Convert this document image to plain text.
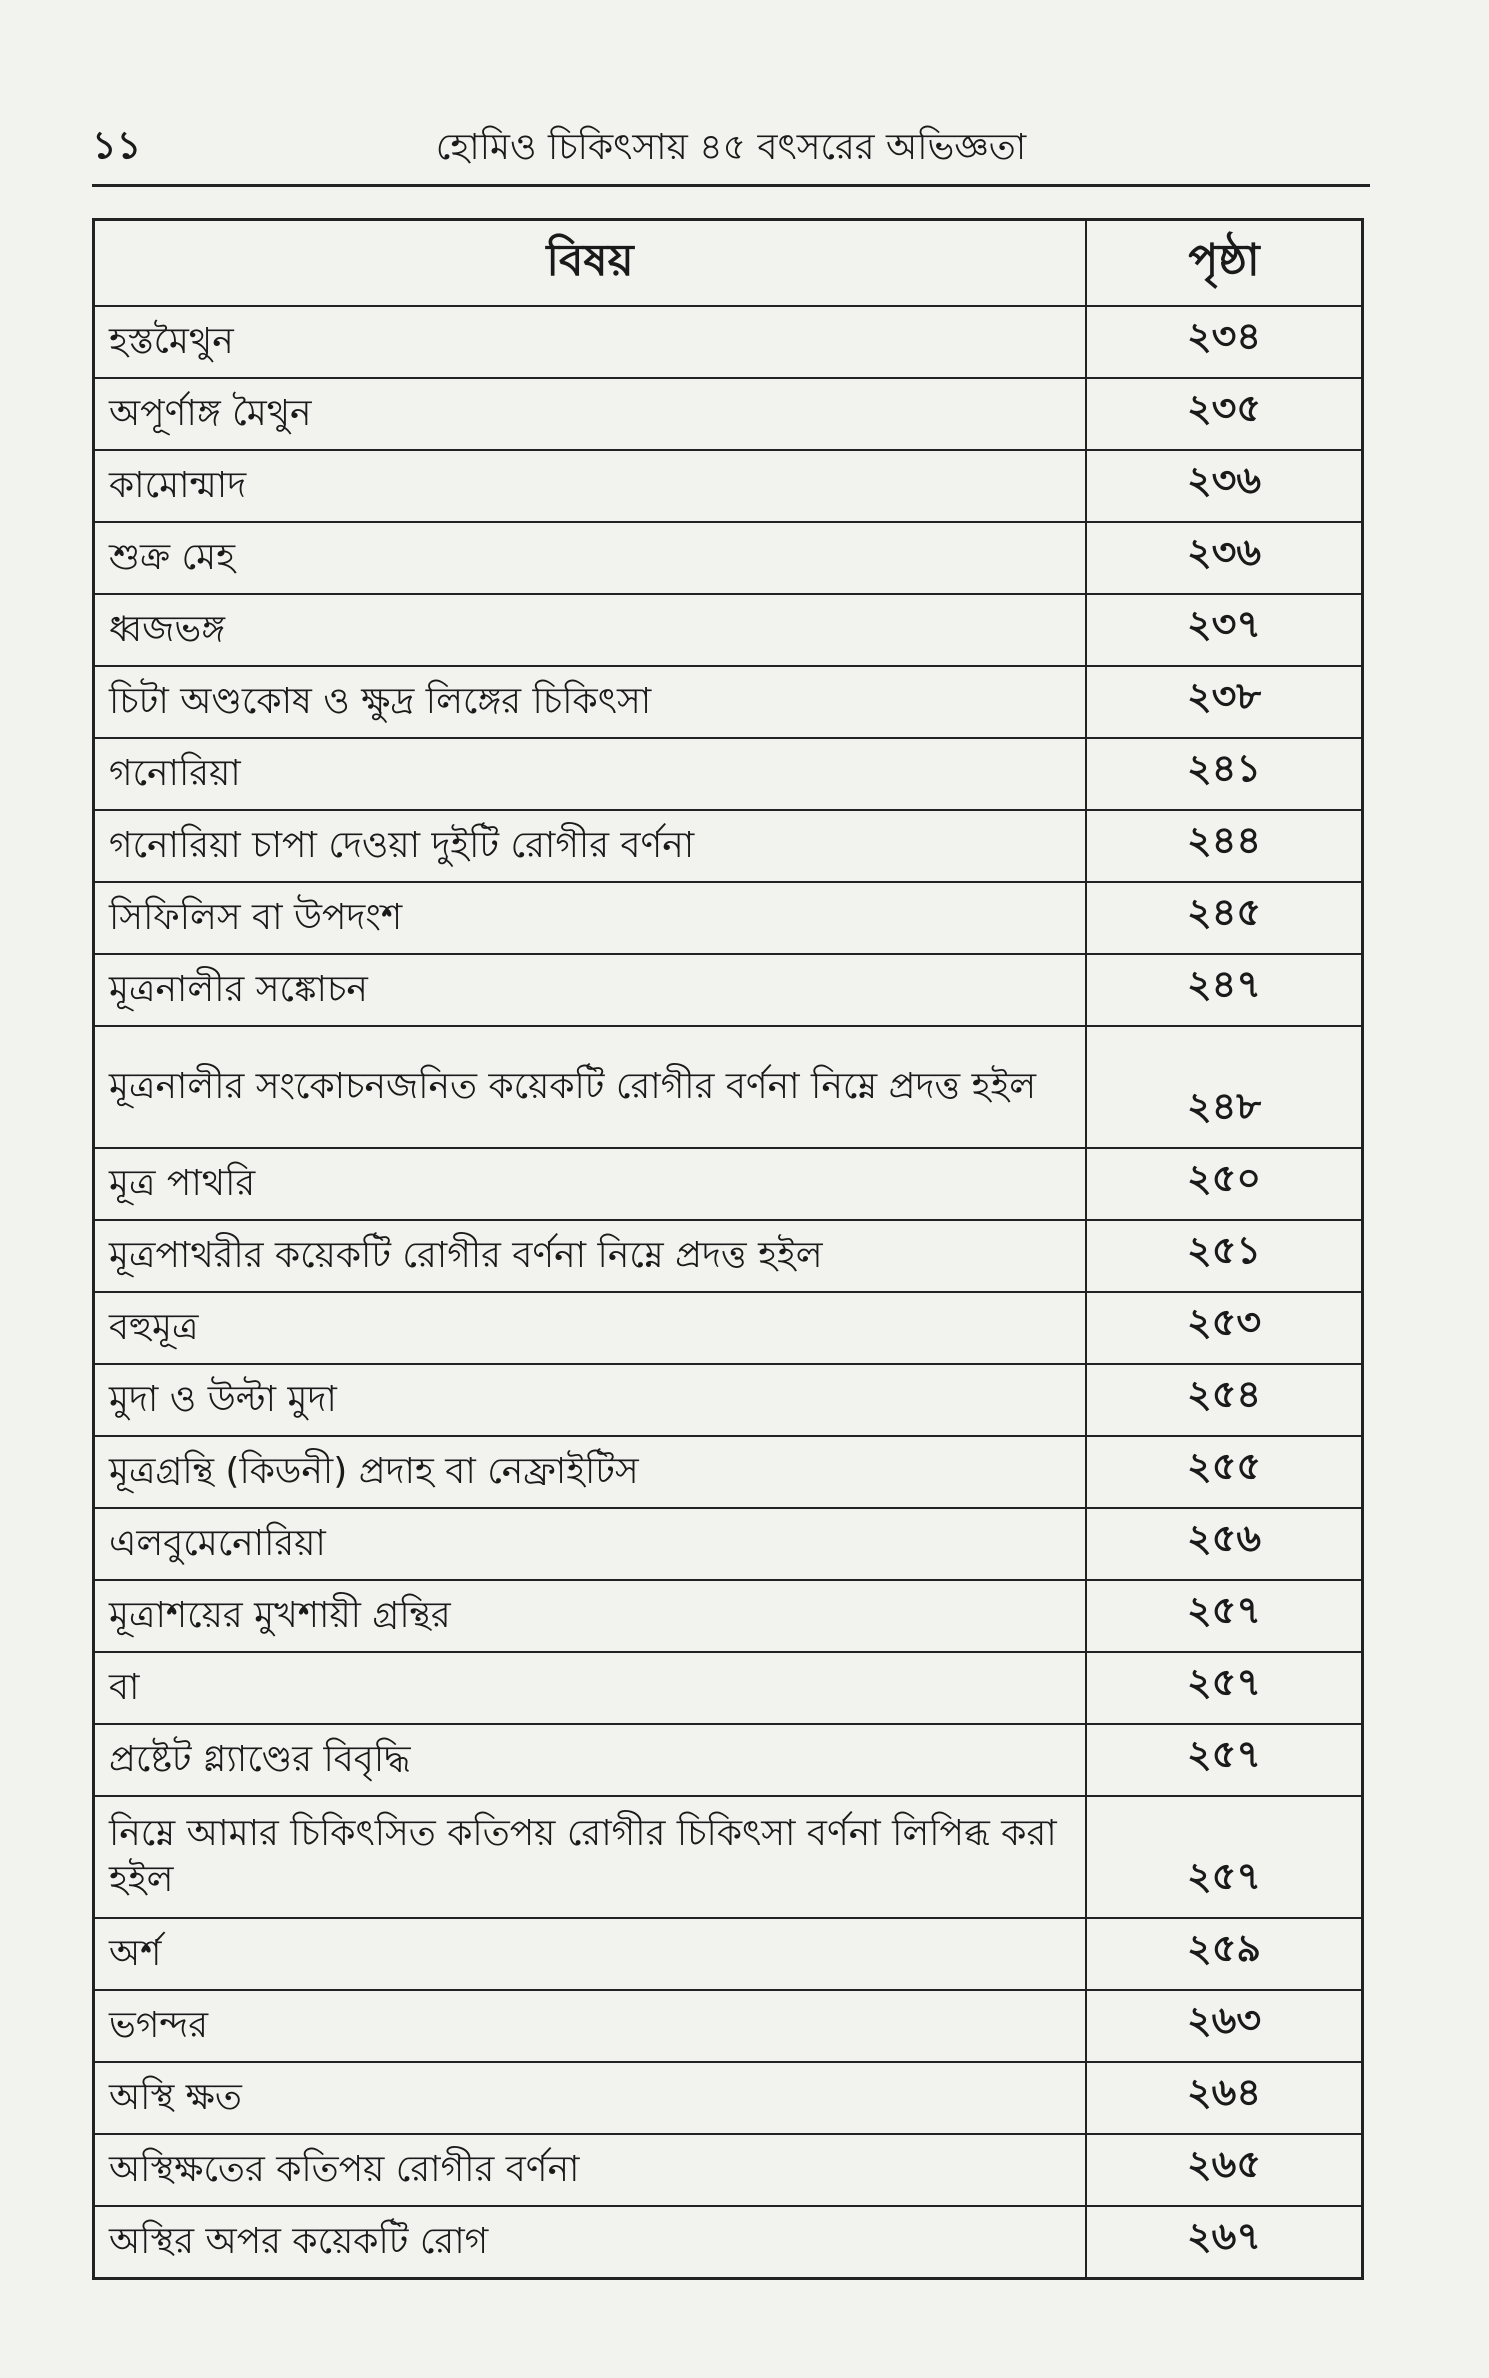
১১	হোমিও চিকিৎসায় ৪৫ বৎসরের অভিজ্ঞতা
বিষয়	পৃষ্ঠা
হস্তমৈথুন	২৩৪
অপূর্ণাঙ্গ মৈথুন	২৩৫
কামোন্মাদ	২৩৬
শুক্র মেহ	২৩৬
ধ্বজভঙ্গ	২৩৭
চিটা অণ্ডকোষ ও ক্ষুদ্র লিঙ্গের চিকিৎসা	২৩৮
গনোরিয়া	২৪১
গনোরিয়া চাপা দেওয়া দুইটি রোগীর বর্ণনা	২৪৪
সিফিলিস বা উপদংশ	২৪৫
মূত্রনালীর সঙ্কোচন	২৪৭
মূত্রনালীর সংকোচনজনিত কয়েকটি রোগীর বর্ণনা নিম্নে প্রদত্ত হইল	২৪৮
মূত্র পাথরি	২৫০
মূত্রপাথরীর কয়েকটি রোগীর বর্ণনা নিম্নে প্রদত্ত হইল	২৫১
বহুমূত্র	২৫৩
মুদা ও উল্টা মুদা	২৫৪
মূত্রগ্রন্থি (কিডনী) প্রদাহ বা নেফ্রাইটিস	২৫৫
এলবুমেনোরিয়া	২৫৬
মূত্রাশয়ের মুখশায়ী গ্রন্থির	২৫৭
বা	২৫৭
প্রষ্টেট গ্ল্যাণ্ডের বিবৃদ্ধি	২৫৭
নিম্নে আমার চিকিৎসিত কতিপয় রোগীর চিকিৎসা বর্ণনা লিপিব্ধ করা হইল	২৫৭
অর্শ	২৫৯
ভগন্দর	২৬৩
অস্থি ক্ষত	২৬৪
অস্থিক্ষতের কতিপয় রোগীর বর্ণনা	২৬৫
অস্থির অপর কয়েকটি রোগ	২৬৭
